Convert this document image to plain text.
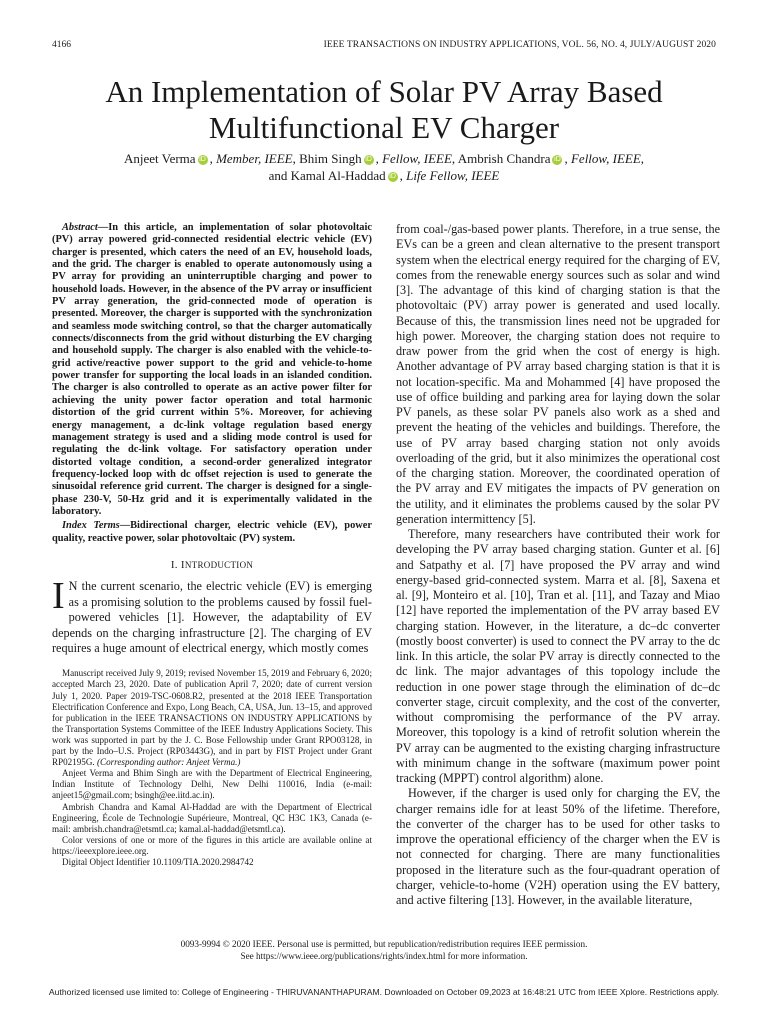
4166	IEEE TRANSACTIONS ON INDUSTRY APPLICATIONS, VOL. 56, NO. 4, JULY/AUGUST 2020
An Implementation of Solar PV Array Based
Multifunctional EV Charger
Anjeet Verma iD , Member, IEEE, Bhim Singh iD , Fellow, IEEE, Ambrish Chandra iD , Fellow, IEEE,
and Kamal Al-Haddad iD , Life Fellow, IEEE

Abstract—In this article, an implementation of solar photovoltaic (PV) array powered grid-connected residential electric vehicle (EV) charger is presented, which caters the need of an EV, household loads, and the grid. The charger is enabled to operate autonomously using a PV array for providing an uninterruptible charging and power to household loads. However, in the absence of the PV array or insufficient PV array generation, the grid-connected mode of operation is presented. Moreover, the charger is supported with the synchronization and seamless mode switching control, so that the charger automatically connects/disconnects from the grid without disturbing the EV charging and household supply. The charger is also enabled with the vehicle-to-grid active/reactive power support to the grid and vehicle-to-home power transfer for supporting the local loads in an islanded condition. The charger is also controlled to operate as an active power filter for achieving the unity power factor operation and total harmonic distortion of the grid current within 5%. Moreover, for achieving energy management, a dc-link voltage regulation based energy management strategy is used and a sliding mode control is used for regulating the dc-link voltage. For satisfactory operation under distorted voltage condition, a second-order generalized integrator frequency-locked loop with dc offset rejection is used to generate the sinusoidal reference grid current. The charger is designed for a single-phase 230-V, 50-Hz grid and it is experimentally validated in the laboratory.

Index Terms—Bidirectional charger, electric vehicle (EV), power quality, reactive power, solar photovoltaic (PV) system.

I. INTRODUCTION

I N the current scenario, the electric vehicle (EV) is emerging as a promising solution to the problems caused by fossil fuel-powered vehicles [1]. However, the adaptability of EV depends on the charging infrastructure [2]. The charging of EV requires a huge amount of electrical energy, which mostly comes

Manuscript received July 9, 2019; revised November 15, 2019 and February 6, 2020; accepted March 23, 2020. Date of publication April 7, 2020; date of current version July 1, 2020. Paper 2019-TSC-0608.R2, presented at the 2018 IEEE Transportation Electrification Conference and Expo, Long Beach, CA, USA, Jun. 13–15, and approved for publication in the IEEE TRANSACTIONS ON INDUSTRY APPLICATIONS by the Transportation Systems Committee of the IEEE Industry Applications Society. This work was supported in part by the J. C. Bose Fellowship under Grant RPO03128, in part by the Indo–U.S. Project (RP03443G), and in part by FIST Project under Grant RP02195G. (Corresponding author: Anjeet Verma.)

Anjeet Verma and Bhim Singh are with the Department of Electrical Engineering, Indian Institute of Technology Delhi, New Delhi 110016, India (e-mail: anjeet15@gmail.com; bsingh@ee.iitd.ac.in).

Ambrish Chandra and Kamal Al-Haddad are with the Department of Electrical Engineering, École de Technologie Supérieure, Montreal, QC H3C 1K3, Canada (e-mail: ambrish.chandra@etsmtl.ca; kamal.al-haddad@etsmtl.ca).

Color versions of one or more of the figures in this article are available online at https://ieeexplore.ieee.org.

Digital Object Identifier 10.1109/TIA.2020.2984742

from coal-/gas-based power plants. Therefore, in a true sense, the EVs can be a green and clean alternative to the present transport system when the electrical energy required for the charging of EV, comes from the renewable energy sources such as solar and wind [3]. The advantage of this kind of charging station is that the photovoltaic (PV) array power is generated and used locally. Because of this, the transmission lines need not be upgraded for high power. Moreover, the charging station does not require to draw power from the grid when the cost of energy is high. Another advantage of PV array based charging station is that it is not location-specific. Ma and Mohammed [4] have proposed the use of office building and parking area for laying down the solar PV panels, as these solar PV panels also work as a shed and prevent the heating of the vehicles and buildings. Therefore, the use of PV array based charging station not only avoids overloading of the grid, but it also minimizes the operational cost of the charging station. Moreover, the coordinated operation of the PV array and EV mitigates the impacts of PV generation on the utility, and it eliminates the problems caused by the solar PV generation intermittency [5].

Therefore, many researchers have contributed their work for developing the PV array based charging station. Gunter et al. [6] and Satpathy et al. [7] have proposed the PV array and wind energy-based grid-connected system. Marra et al. [8], Saxena et al. [9], Monteiro et al. [10], Tran et al. [11], and Tazay and Miao [12] have reported the implementation of the PV array based EV charging station. However, in the literature, a dc–dc converter (mostly boost converter) is used to connect the PV array to the dc link. In this article, the solar PV array is directly connected to the dc link. The major advantages of this topology include the reduction in one power stage through the elimination of dc–dc converter stage, circuit complexity, and the cost of the converter, without compromising the performance of the PV array. Moreover, this topology is a kind of retrofit solution wherein the PV array can be augmented to the existing charging infrastructure with minimum change in the software (maximum power point tracking (MPPT) control algorithm) alone.

However, if the charger is used only for charging the EV, the charger remains idle for at least 50% of the lifetime. Therefore, the converter of the charger has to be used for other tasks to improve the operational efficiency of the charger when the EV is not connected for charging. There are many functionalities proposed in the literature such as the four-quadrant operation of charger, vehicle-to-home (V2H) operation using the EV battery, and active filtering [13]. However, in the available literature,

0093-9994 © 2020 IEEE. Personal use is permitted, but republication/redistribution requires IEEE permission.
See https://www.ieee.org/publications/rights/index.html for more information.
Authorized licensed use limited to: College of Engineering - THIRUVANANTHAPURAM. Downloaded on October 09,2023 at 16:48:21 UTC from IEEE Xplore. Restrictions apply.
